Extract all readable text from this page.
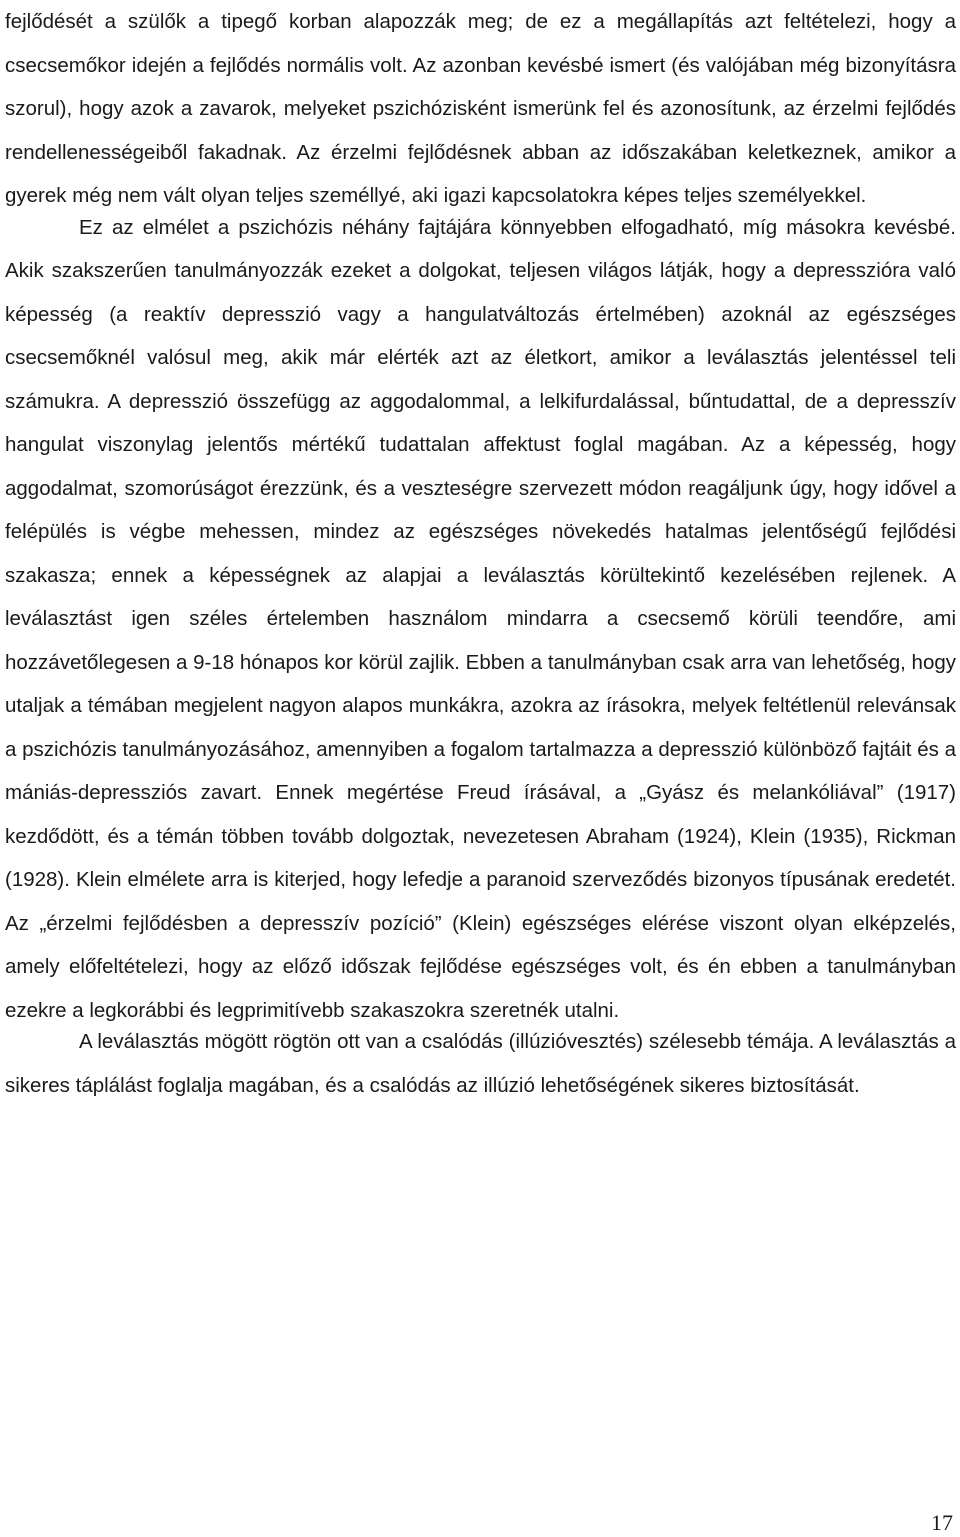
fejlődését a szülők a tipegő korban alapozzák meg; de ez a megállapítás azt feltételezi, hogy a csecsemőkor idején a fejlődés normális volt. Az azonban kevésbé ismert (és valójában még bizonyításra szorul), hogy azok a zavarok, melyeket pszichózisként ismerünk fel és azonosítunk, az érzelmi fejlődés rendellenességeiből fakadnak. Az érzelmi fejlődésnek abban az időszakában keletkeznek, amikor a gyerek még nem vált olyan teljes személlyé, aki igazi kapcsolatokra képes teljes személyekkel.

Ez az elmélet a pszichózis néhány fajtájára könnyebben elfogadható, míg másokra kevésbé. Akik szakszerűen tanulmányozzák ezeket a dolgokat, teljesen világos látják, hogy a depresszióra való képesség (a reaktív depresszió vagy a hangulatváltozás értelmében) azoknál az egészséges csecsemőknél valósul meg, akik már elérték azt az életkort, amikor a leválasztás jelentéssel teli számukra. A depresszió összefügg az aggodalommal, a lelkifurdalással, bűntudattal, de a depresszív hangulat viszonylag jelentős mértékű tudattalan affektust foglal magában. Az a képesség, hogy aggodalmat, szomorúságot érezzünk, és a veszteségre szervezett módon reagáljunk úgy, hogy idővel a felépülés is végbe mehessen, mindez az egészséges növekedés hatalmas jelentőségű fejlődési szakasza; ennek a képességnek az alapjai a leválasztás körültekintő kezelésében rejlenek. A leválasztást igen széles értelemben használom mindarra a csecsemő körüli teendőre, ami hozzávetőlegesen a 9-18 hónapos kor körül zajlik. Ebben a tanulmányban csak arra van lehetőség, hogy utaljak a témában megjelent nagyon alapos munkákra, azokra az írásokra, melyek feltétlenül relevánsak a pszichózis tanulmányozásához, amennyiben a fogalom tartalmazza a depresszió különböző fajtáit és a mániás-depressziós zavart. Ennek megértése Freud írásával, a „Gyász és melankóliával” (1917) kezdődött, és a témán többen tovább dolgoztak, nevezetesen Abraham (1924), Klein (1935), Rickman (1928). Klein elmélete arra is kiterjed, hogy lefedje a paranoid szerveződés bizonyos típusának eredetét. Az „érzelmi fejlődésben a depresszív pozíció” (Klein) egészséges elérése viszont olyan elképzelés, amely előfeltételezi, hogy az előző időszak fejlődése egészséges volt, és én ebben a tanulmányban ezekre a legkorábbi és legprimitívebb szakaszokra szeretnék utalni.

A leválasztás mögött rögtön ott van a csalódás (illúzióvesztés) szélesebb témája. A leválasztás a sikeres táplálást foglalja magában, és a csalódás az illúzió lehetőségének sikeres biztosítását.

17
